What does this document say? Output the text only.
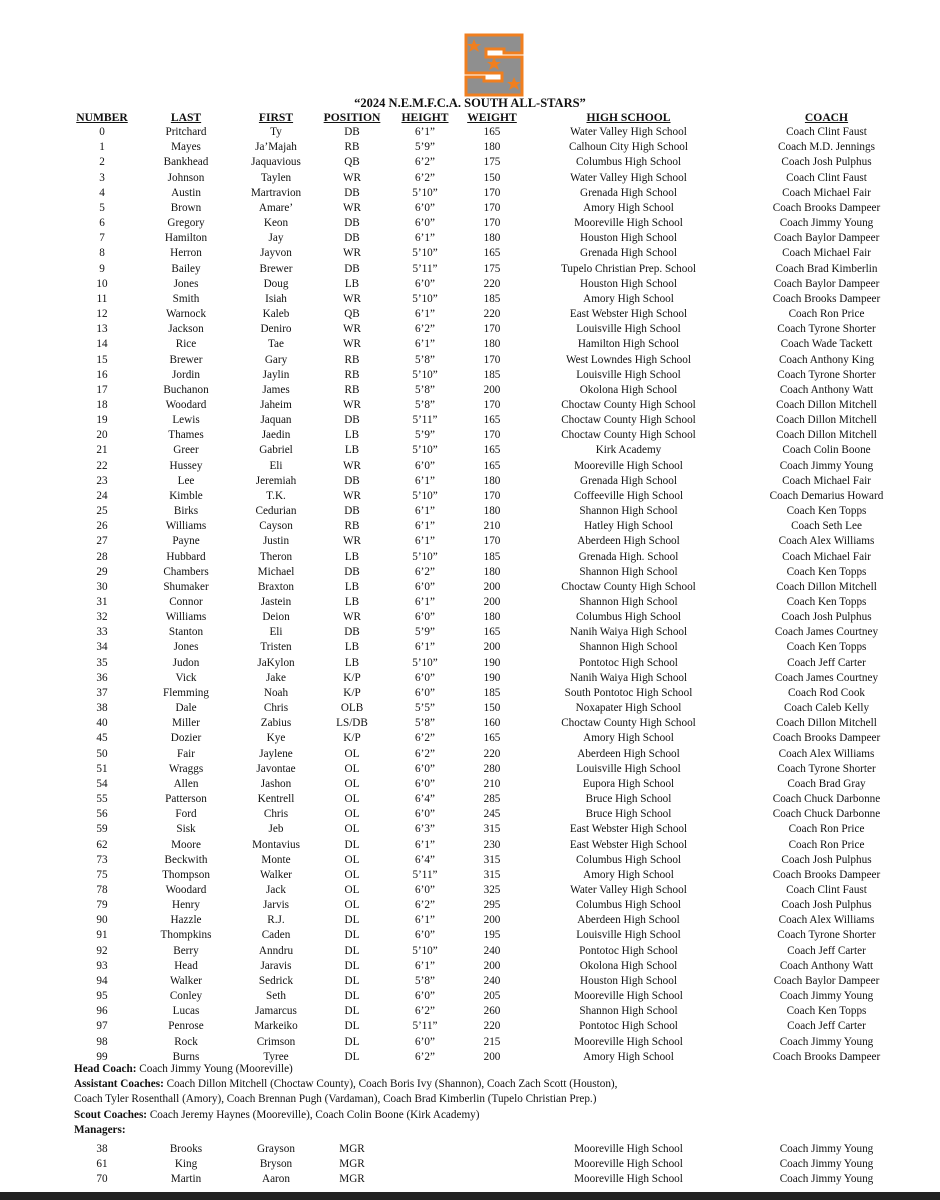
“2024 N.E.M.F.C.A. SOUTH ALL-STARS”
NUMBER	LAST	FIRST	POSITION	HEIGHT	WEIGHT	HIGH SCHOOL	COACH
0	Pritchard	Ty	DB	6’1”	165	Water Valley High School	Coach Clint Faust
1	Mayes	Ja’Majah	RB	5’9”	180	Calhoun City High School	Coach M.D. Jennings
2	Bankhead	Jaquavious	QB	6’2”	175	Columbus High School	Coach Josh Pulphus
3	Johnson	Taylen	WR	6’2”	150	Water Valley High School	Coach Clint Faust
4	Austin	Martravion	DB	5’10”	170	Grenada High School	Coach Michael Fair
5	Brown	Amare’	WR	6’0”	170	Amory High School	Coach Brooks Dampeer
6	Gregory	Keon	DB	6’0”	170	Mooreville High School	Coach Jimmy Young
7	Hamilton	Jay	DB	6’1”	180	Houston High School	Coach Baylor Dampeer
8	Herron	Jayvon	WR	5’10”	165	Grenada High School	Coach Michael Fair
9	Bailey	Brewer	DB	5’11”	175	Tupelo Christian Prep. School	Coach Brad Kimberlin
10	Jones	Doug	LB	6’0”	220	Houston High School	Coach Baylor Dampeer
11	Smith	Isiah	WR	5’10”	185	Amory High School	Coach Brooks Dampeer
12	Warnock	Kaleb	QB	6’1”	220	East Webster High School	Coach Ron Price
13	Jackson	Deniro	WR	6’2”	170	Louisville High School	Coach Tyrone Shorter
14	Rice	Tae	WR	6’1”	180	Hamilton High School	Coach Wade Tackett
15	Brewer	Gary	RB	5’8”	170	West Lowndes High School	Coach Anthony King
16	Jordin	Jaylin	RB	5’10”	185	Louisville High School	Coach Tyrone Shorter
17	Buchanon	James	RB	5’8”	200	Okolona High School	Coach Anthony Watt
18	Woodard	Jaheim	WR	5’8”	170	Choctaw County High School	Coach Dillon Mitchell
19	Lewis	Jaquan	DB	5’11”	165	Choctaw County High School	Coach Dillon Mitchell
20	Thames	Jaedin	LB	5’9”	170	Choctaw County High School	Coach Dillon Mitchell
21	Greer	Gabriel	LB	5’10”	165	Kirk Academy	Coach Colin Boone
22	Hussey	Eli	WR	6’0”	165	Mooreville High School	Coach Jimmy Young
23	Lee	Jeremiah	DB	6’1”	180	Grenada High School	Coach Michael Fair
24	Kimble	T.K.	WR	5’10”	170	Coffeeville High School	Coach Demarius Howard
25	Birks	Cedurian	DB	6’1”	180	Shannon High School	Coach Ken Topps
26	Williams	Cayson	RB	6’1”	210	Hatley High School	Coach Seth Lee
27	Payne	Justin	WR	6’1”	170	Aberdeen High School	Coach Alex Williams
28	Hubbard	Theron	LB	5’10”	185	Grenada High. School	Coach Michael Fair
29	Chambers	Michael	DB	6’2”	180	Shannon High School	Coach Ken Topps
30	Shumaker	Braxton	LB	6’0”	200	Choctaw County High School	Coach Dillon Mitchell
31	Connor	Jastein	LB	6’1”	200	Shannon High School	Coach Ken Topps
32	Williams	Deion	WR	6’0”	180	Columbus High School	Coach Josh Pulphus
33	Stanton	Eli	DB	5’9”	165	Nanih Waiya High School	Coach James Courtney
34	Jones	Tristen	LB	6’1”	200	Shannon High School	Coach Ken Topps
35	Judon	JaKylon	LB	5’10”	190	Pontotoc High School	Coach Jeff Carter
36	Vick	Jake	K/P	6’0”	190	Nanih Waiya High School	Coach James Courtney
37	Flemming	Noah	K/P	6’0”	185	South Pontotoc High School	Coach Rod Cook
38	Dale	Chris	OLB	5’5”	150	Noxapater High School	Coach Caleb Kelly
40	Miller	Zabius	LS/DB	5’8”	160	Choctaw County High School	Coach Dillon Mitchell
45	Dozier	Kye	K/P	6’2”	165	Amory High School	Coach Brooks Dampeer
50	Fair	Jaylene	OL	6’2”	220	Aberdeen High School	Coach Alex Williams
51	Wraggs	Javontae	OL	6’0”	280	Louisville High School	Coach Tyrone Shorter
54	Allen	Jashon	OL	6’0”	210	Eupora High School	Coach Brad Gray
55	Patterson	Kentrell	OL	6’4”	285	Bruce High School	Coach Chuck Darbonne
56	Ford	Chris	OL	6’0”	245	Bruce High School	Coach Chuck Darbonne
59	Sisk	Jeb	OL	6’3”	315	East Webster High School	Coach Ron Price
62	Moore	Montavius	DL	6’1”	230	East Webster High School	Coach Ron Price
73	Beckwith	Monte	OL	6’4”	315	Columbus High School	Coach Josh Pulphus
75	Thompson	Walker	OL	5’11”	315	Amory High School	Coach Brooks Dampeer
78	Woodard	Jack	OL	6’0”	325	Water Valley High School	Coach Clint Faust
79	Henry	Jarvis	OL	6’2”	295	Columbus High School	Coach Josh Pulphus
90	Hazzle	R.J.	DL	6’1”	200	Aberdeen High School	Coach Alex Williams
91	Thompkins	Caden	DL	6’0”	195	Louisville High School	Coach Tyrone Shorter
92	Berry	Anndru	DL	5’10”	240	Pontotoc High School	Coach Jeff Carter
93	Head	Jaravis	DL	6’1”	200	Okolona High School	Coach Anthony Watt
94	Walker	Sedrick	DL	5’8”	240	Houston High School	Coach Baylor Dampeer
95	Conley	Seth	DL	6’0”	205	Mooreville High School	Coach Jimmy Young
96	Lucas	Jamarcus	DL	6’2”	260	Shannon High School	Coach Ken Topps
97	Penrose	Markeiko	DL	5’11”	220	Pontotoc High School	Coach Jeff Carter
98	Rock	Crimson	DL	6’0”	215	Mooreville High School	Coach Jimmy Young
99	Burns	Tyree	DL	6’2”	200	Amory High School	Coach Brooks Dampeer

Head Coach: Coach Jimmy Young (Mooreville)

Assistant Coaches: Coach Dillon Mitchell (Choctaw County), Coach Boris Ivy (Shannon), Coach Zach Scott (Houston),

Coach Tyler Rosenthall (Amory), Coach Brennan Pugh (Vardaman), Coach Brad Kimberlin (Tupelo Christian Prep.)

Scout Coaches: Coach Jeremy Haynes (Mooreville), Coach Colin Boone (Kirk Academy)

Managers:

38	Brooks	Grayson	MGR			Mooreville High School	Coach Jimmy Young
61	King	Bryson	MGR			Mooreville High School	Coach Jimmy Young
70	Martin	Aaron	MGR			Mooreville High School	Coach Jimmy Young
